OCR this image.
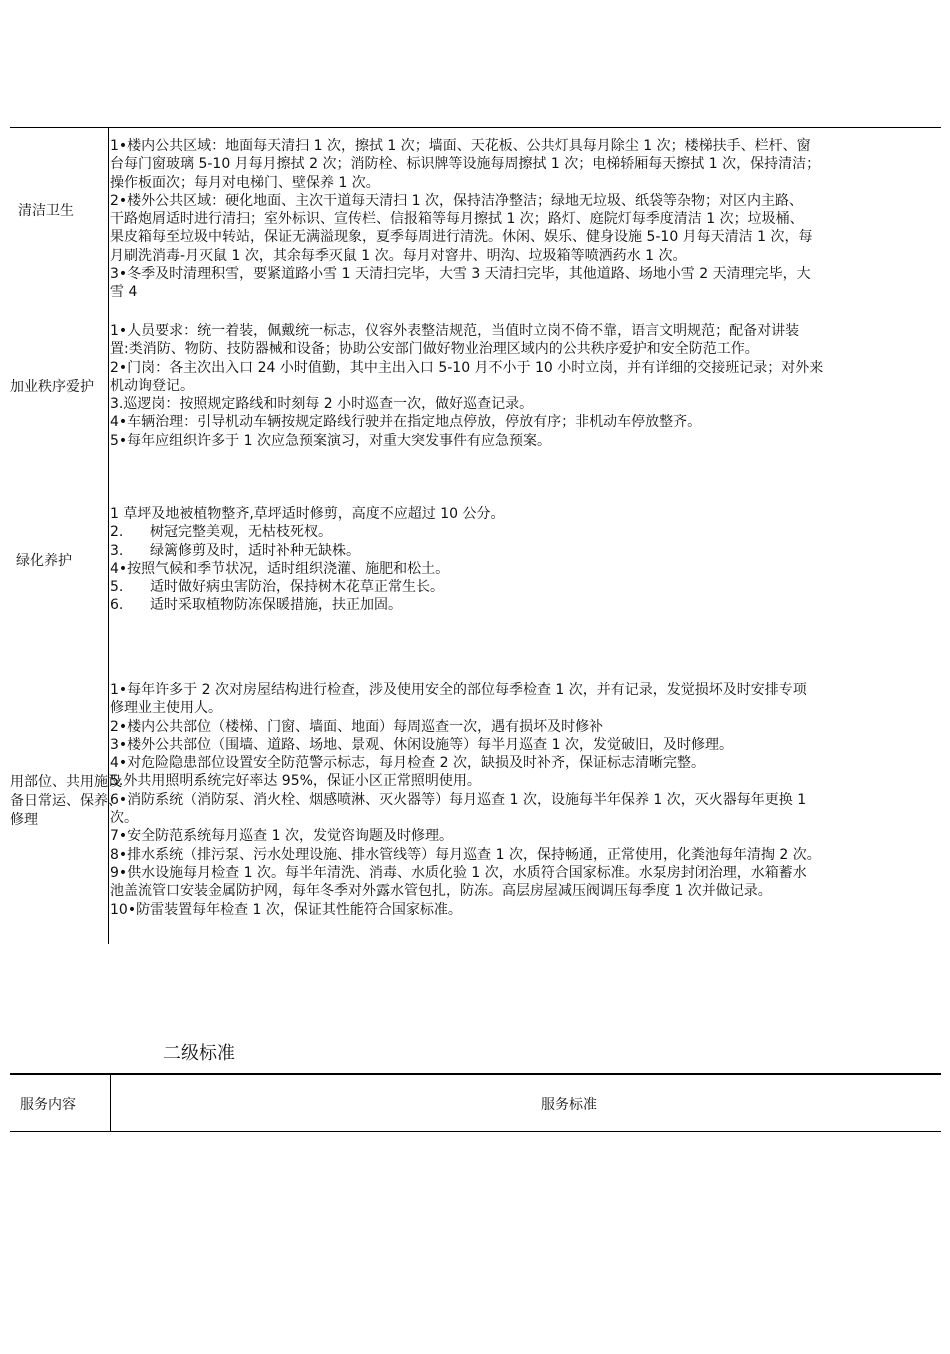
清洁卫生
1•楼内公共区域：地面每天清扫 1 次，擦拭 1 次；墙面、天花板、公共灯具每月除尘 1 次；楼梯扶手、栏杆、窗
台每门窗玻璃 5-10 月每月擦拭 2 次；消防栓、标识牌等设施每周擦拭 1 次；电梯轿厢每天擦拭 1 次，保持清洁；
操作板面次；每月对电梯门、壁保养 1 次。
2•楼外公共区域：硬化地面、主次干道每天清扫 1 次，保持洁净整洁；绿地无垃圾、纸袋等杂物；对区内主路、
干路炮屑适时进行清扫；室外标识、宣传栏、信报箱等每月擦拭 1 次；路灯、庭院灯每季度清洁 1 次；垃圾桶、
果皮箱每至垃圾中转站，保证无满溢现象，夏季每周进行清洗。休闲、娱乐、健身设施 5-10 月每天清洁 1 次，每
月刷洗消毒-月灭鼠 1 次，其余每季灭鼠 1 次。每月对窨井、明沟、垃圾箱等喷洒药水 1 次。
3•冬季及时清理积雪，要紧道路小雪 1 天清扫完毕，大雪 3 天清扫完毕，其他道路、场地小雪 2 天清理完毕，大
雪 4
加业秩序爱护
1•人员要求：统一着装，佩戴统一标志，仪容外表整洁规范，当值时立岗不倚不靠，语言文明规范；配备对讲装
置:类消防、物防、技防器械和设备；协助公安部门做好物业治理区域内的公共秩序爱护和安全防范工作。
2•门岗：各主次出入口 24 小时值勤，其中主出入口 5-10 月不小于 10 小时立岗，并有详细的交接班记录；对外来
机动询登记。
3.巡逻岗：按照规定路线和时刻每 2 小时巡查一次，做好巡查记录。
4•车辆治理：引导机动车辆按规定路线行驶并在指定地点停放，停放有序；非机动车停放整齐。
5•每年应组织许多于 1 次应急预案演习，对重大突发事件有应急预案。
绿化养护
1 草坪及地被植物整齐,草坪适时修剪，高度不应超过 10 公分。
2.      树冠完整美观，无枯枝死杈。
3.      绿篱修剪及时，适时补种无缺株。
4•按照气候和季节状况，适时组织浇灌、施肥和松土。
5.      适时做好病虫害防治，保持树木花草正常生长。
6.      适时采取植物防冻保暖措施，扶正加固。
用部位、共用施设备日常运、保养、修理
1•每年许多于 2 次对房屋结构进行检查，涉及使用安全的部位每季检查 1 次，并有记录，发觉损坏及时安排专项
修理业主使用人。
2•楼内公共部位（楼梯、门窗、墙面、地面）每周巡查一次，遇有损坏及时修补
3•楼外公共部位（围墙、道路、场地、景观、休闲设施等）每半月巡查 1 次，发觉破旧，及时修理。
4•对危险隐患部位设置安全防范警示标志，每月检查 2 次，缺损及时补齐，保证标志清晰完整。
5.外共用照明系统完好率达 95%，保证小区正常照明使用。
6•消防系统（消防泵、消火栓、烟感喷淋、灭火器等）每月巡查 1 次，设施每半年保养 1 次，灭火器每年更换 1
次。
7•安全防范系统每月巡查 1 次，发觉咨询题及时修理。
8•排水系统（排污泵、污水处理设施、排水管线等）每月巡查 1 次，保持畅通，正常使用，化粪池每年清掏 2 次。
9•供水设施每月检查 1 次。每半年清洗、消毒、水质化验 1 次，水质符合国家标准。水泵房封闭治理，水箱蓄水
池盖流管口安装金属防护网，每年冬季对外露水管包扎，防冻。高层房屋减压阀调压每季度 1 次并做记录。
10•防雷装置每年检查 1 次，保证其性能符合国家标准。
二级标准
服务内容	服务标准
